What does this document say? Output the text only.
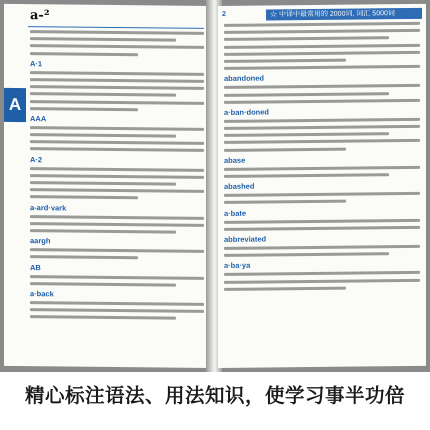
a-²
A
A·1
AAA
A·2
a-ard·vark
aargh
AB
a·back
2	☆ 中译中最常用的 2000词, 词汇 5000词
abandoned
a·ban·doned
abase
abashed
a·bate
abbreviated
a·ba·ya
精心标注语法、用法知识，使学习事半功倍
